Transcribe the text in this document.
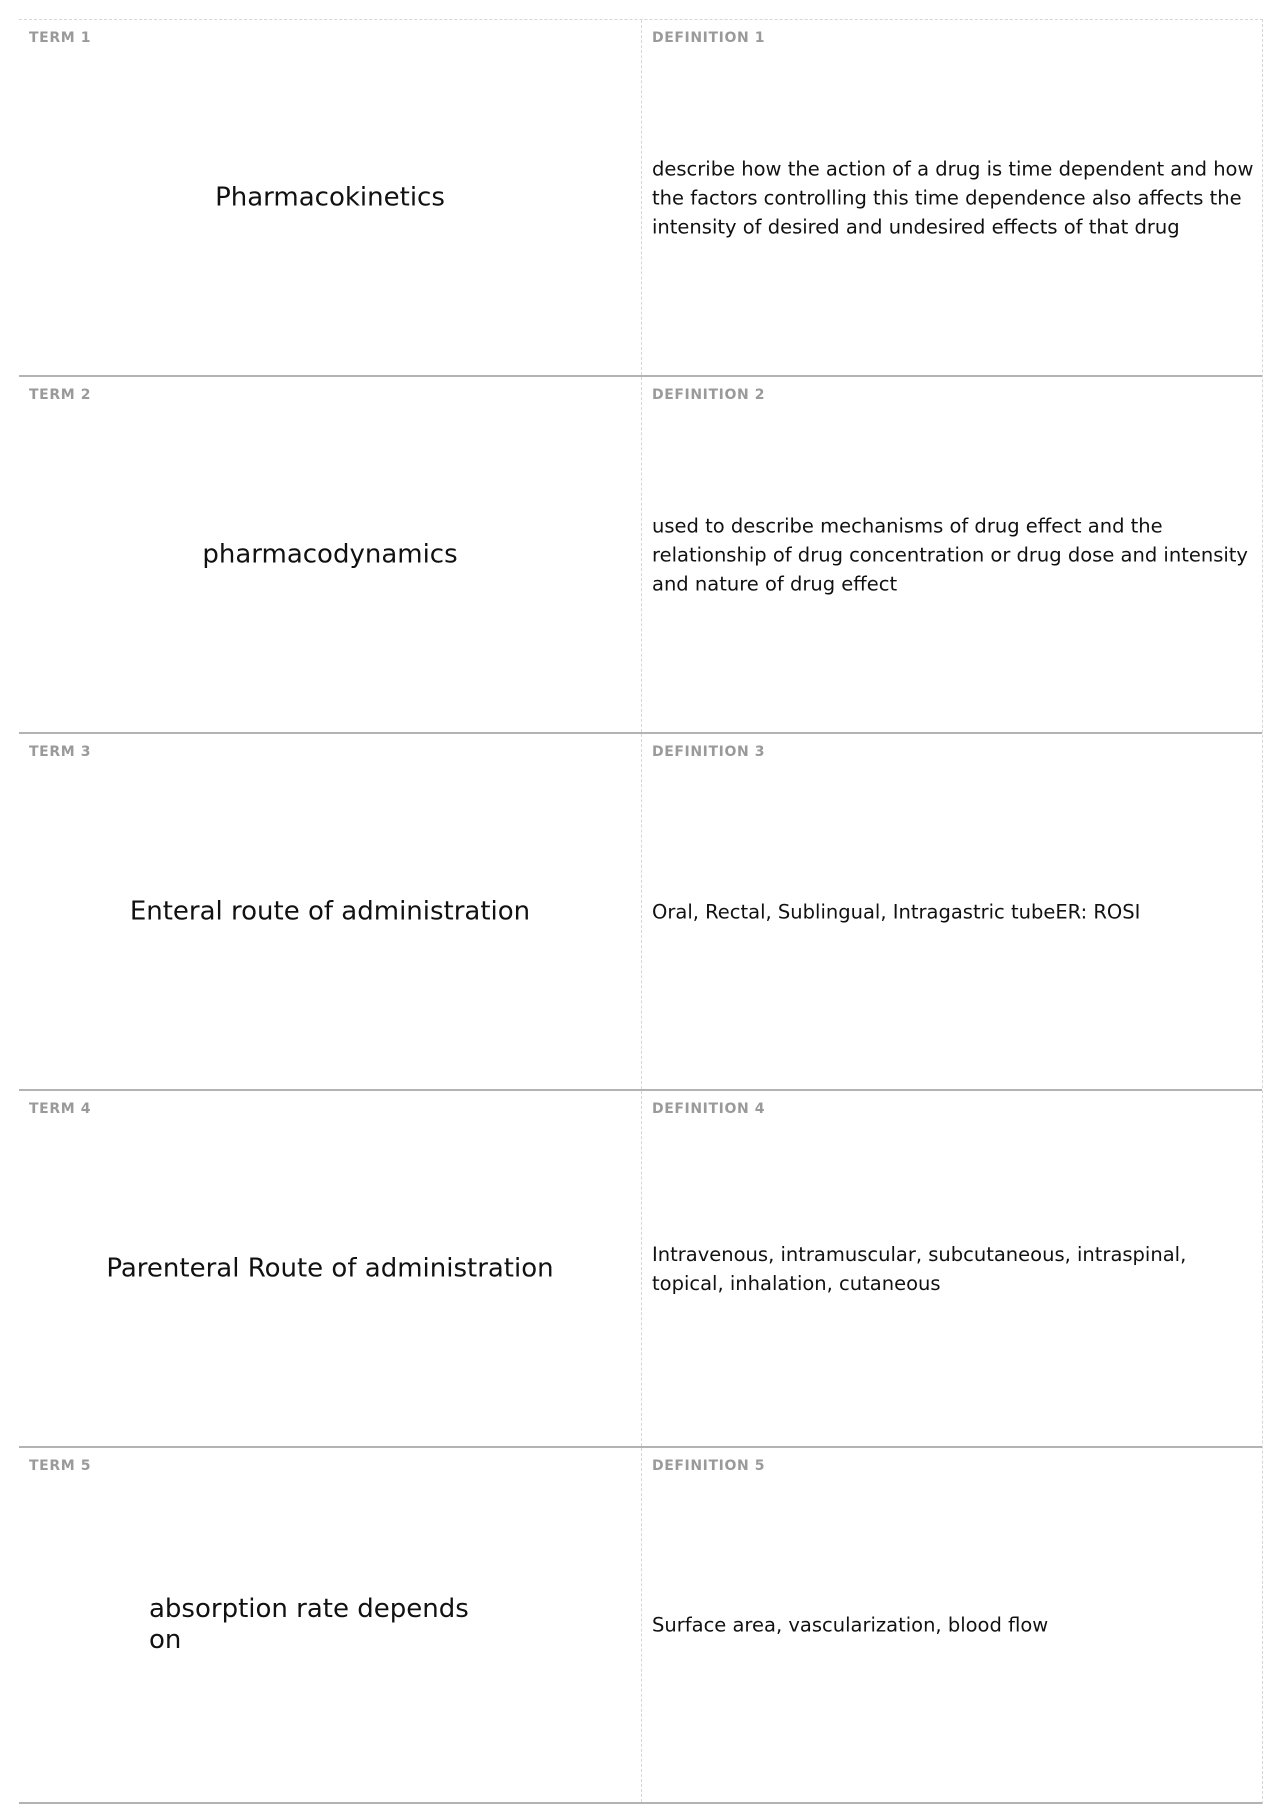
TERM 1
Pharmacokinetics
DEFINITION 1
describe how the action of a drug is time dependent and how the factors controlling this time dependence also affects the intensity of desired and undesired effects of that drug
TERM 2
pharmacodynamics
DEFINITION 2
used to describe mechanisms of drug effect and the relationship of drug concentration or drug dose and intensity and nature of drug effect
TERM 3
Enteral route of administration
DEFINITION 3
Oral, Rectal, Sublingual, Intragastric tubeER: ROSI
TERM 4
Parenteral Route of administration
DEFINITION 4
Intravenous, intramuscular, subcutaneous, intraspinal, topical, inhalation, cutaneous
TERM 5
absorption rate depends on
DEFINITION 5
Surface area, vascularization, blood flow
